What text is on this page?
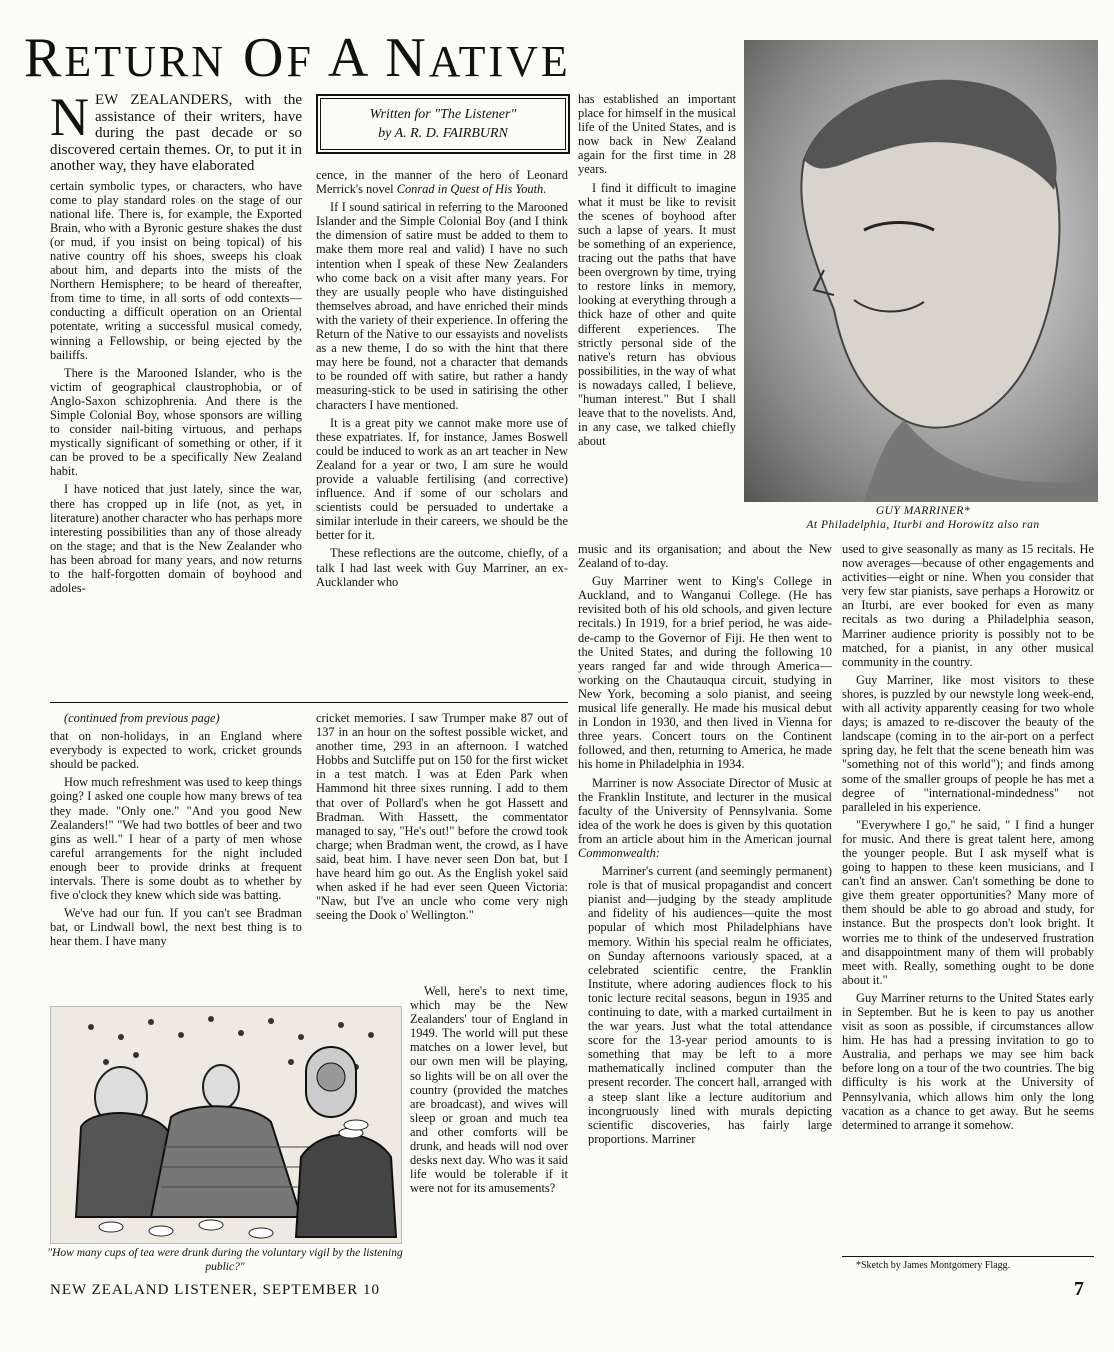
RETURN OF A NATIVE

NEW ZEALANDERS, with the assistance of their writers, have during the past decade or so discovered certain themes. Or, to put it in another way, they have elaborated

certain symbolic types, or characters, who have come to play standard roles on the stage of our national life. There is, for example, the Exported Brain, who with a Byronic gesture shakes the dust (or mud, if you insist on being topical) of his native country off his shoes, sweeps his cloak about him, and departs into the mists of the Northern Hemisphere; to be heard of thereafter, from time to time, in all sorts of odd contexts—conducting a difficult operation on an Oriental potentate, writing a successful musical comedy, winning a Fellowship, or being ejected by the bailiffs.

There is the Marooned Islander, who is the victim of geographical claustrophobia, or of Anglo-Saxon schizophrenia. And there is the Simple Colonial Boy, whose sponsors are willing to consider nail-biting virtuous, and perhaps mystically significant of something or other, if it can be proved to be a specifically New Zealand habit.

I have noticed that just lately, since the war, there has cropped up in life (not, as yet, in literature) another character who has perhaps more interesting possibilities than any of those already on the stage; and that is the New Zealander who has been abroad for many years, and now returns to the half-forgotten domain of boyhood and adoles-

Written for "The Listener"
by A. R. D. FAIRBURN

cence, in the manner of the hero of Leonard Merrick's novel Conrad in Quest of His Youth.

If I sound satirical in referring to the Marooned Islander and the Simple Colonial Boy (and I think the dimension of satire must be added to them to make them more real and valid) I have no such intention when I speak of these New Zealanders who come back on a visit after many years. For they are usually people who have distinguished themselves abroad, and have enriched their minds with the variety of their experience. In offering the Return of the Native to our essayists and novelists as a new theme, I do so with the hint that there may here be found, not a character that demands to be rounded off with satire, but rather a handy measuring-stick to be used in satirising the other characters I have mentioned.

It is a great pity we cannot make more use of these expatriates. If, for instance, James Boswell could be induced to work as an art teacher in New Zealand for a year or two, I am sure he would provide a valuable fertilising (and corrective) influence. And if some of our scholars and scientists could be persuaded to undertake a similar interlude in their careers, we should be the better for it.

These reflections are the outcome, chiefly, of a talk I had last week with Guy Marriner, an ex-Aucklander who

has established an important place for himself in the musical life of the United States, and is now back in New Zealand again for the first time in 28 years.

I find it difficult to imagine what it must be like to revisit the scenes of boyhood after such a lapse of years. It must be something of an experience, tracing out the paths that have been overgrown by time, trying to restore links in memory, looking at everything through a thick haze of other and quite different experiences. The strictly personal side of the native's return has obvious possibilities, in the way of what is nowadays called, I believe, "human interest." But I shall leave that to the novelists. And, in any case, we talked chiefly about

GUY MARRINER*
At Philadelphia, Iturbi and Horowitz also ran

music and its organisation; and about the New Zealand of to-day.

Guy Marriner went to King's College in Auckland, and to Wanganui College. (He has revisited both of his old schools, and given lecture recitals.) In 1919, for a brief period, he was aide-de-camp to the Governor of Fiji. He then went to the United States, and during the following 10 years ranged far and wide through America—working on the Chautauqua circuit, studying in New York, becoming a solo pianist, and seeing musical life generally. He made his musical debut in London in 1930, and then lived in Vienna for three years. Concert tours on the Continent followed, and then, returning to America, he made his home in Philadelphia in 1934.

Marriner is now Associate Director of Music at the Franklin Institute, and lecturer in the musical faculty of the University of Pennsylvania. Some idea of the work he does is given by this quotation from an article about him in the American journal Commonwealth:

Marriner's current (and seemingly permanent) role is that of musical propagandist and concert pianist and—judging by the steady amplitude and fidelity of his audiences—quite the most popular of which most Philadelphians have memory. Within his special realm he officiates, on Sunday afternoons variously spaced, at a celebrated scientific centre, the Franklin Institute, where adoring audiences flock to his tonic lecture recital seasons, begun in 1935 and continuing to date, with a marked curtailment in the war years. Just what the total attendance score for the 13-year period amounts to is something that may be left to a more mathematically inclined computer than the present recorder. The concert hall, arranged with a steep slant like a lecture auditorium and incongruously lined with murals depicting scientific discoveries, has fairly large proportions. Marriner

used to give seasonally as many as 15 recitals. He now averages—because of other engagements and activities—eight or nine. When you consider that very few star pianists, save perhaps a Horowitz or an Iturbi, are ever booked for even as many recitals as two during a Philadelphia season, Marriner audience priority is possibly not to be matched, for a pianist, in any other musical community in the country.

Guy Marriner, like most visitors to these shores, is puzzled by our newstyle long week-end, with all activity apparently ceasing for two whole days; is amazed to re-discover the beauty of the landscape (coming in to the air-port on a perfect spring day, he felt that the scene beneath him was "something not of this world"); and finds among some of the smaller groups of people he has met a degree of "international-mindedness" not paralleled in his experience.

"Everywhere I go," he said, " I find a hunger for music. And there is great talent here, among the younger people. But I ask myself what is going to happen to these keen musicians, and I can't find an answer. Can't something be done to give them greater opportunities? Many more of them should be able to go abroad and study, for instance. But the prospects don't look bright. It worries me to think of the undeserved frustration and disappointment many of them will probably meet with. Really, something ought to be done about it."

Guy Marriner returns to the United States early in September. But he is keen to pay us another visit as soon as possible, if circumstances allow him. He has had a pressing invitation to go to Australia, and perhaps we may see him back before long on a tour of the two countries. The big difficulty is his work at the University of Pennsylvania, which allows him only the long vacation as a chance to get away. But he seems determined to arrange it somehow.

*Sketch by James Montgomery Flagg.

(continued from previous page)

that on non-holidays, in an England where everybody is expected to work, cricket grounds should be packed.

How much refreshment was used to keep things going? I asked one couple how many brews of tea they made. "Only one." "And you good New Zealanders!" "We had two bottles of beer and two gins as well." I hear of a party of men whose careful arrangements for the night included enough beer to provide drinks at frequent intervals. There is some doubt as to whether by five o'clock they knew which side was batting.

We've had our fun. If you can't see Bradman bat, or Lindwall bowl, the next best thing is to hear them. I have many

cricket memories. I saw Trumper make 87 out of 137 in an hour on the softest possible wicket, and another time, 293 in an afternoon. I watched Hobbs and Sutcliffe put on 150 for the first wicket in a test match. I was at Eden Park when Hammond hit three sixes running. I add to them that over of Pollard's when he got Hassett and Bradman. With Hassett, the commentator managed to say, "He's out!" before the crowd took charge; when Bradman went, the crowd, as I have said, beat him. I have never seen Don bat, but I have heard him go out. As the English yokel said when asked if he had ever seen Queen Victoria: "Naw, but I've an uncle who come very nigh seeing the Dook o' Wellington."

Well, here's to next time, which may be the New Zealanders' tour of England in 1949. The world will put these matches on a lower level, but our own men will be playing, so lights will be on all over the country (provided the matches are broadcast), and wives will sleep or groan and much tea and other comforts will be drunk, and heads will nod over desks next day. Who was it said life would be tolerable if it were not for its amusements?

"How many cups of tea were drunk during the voluntary vigil by the listening public?"
NEW ZEALAND LISTENER, SEPTEMBER 10	7
